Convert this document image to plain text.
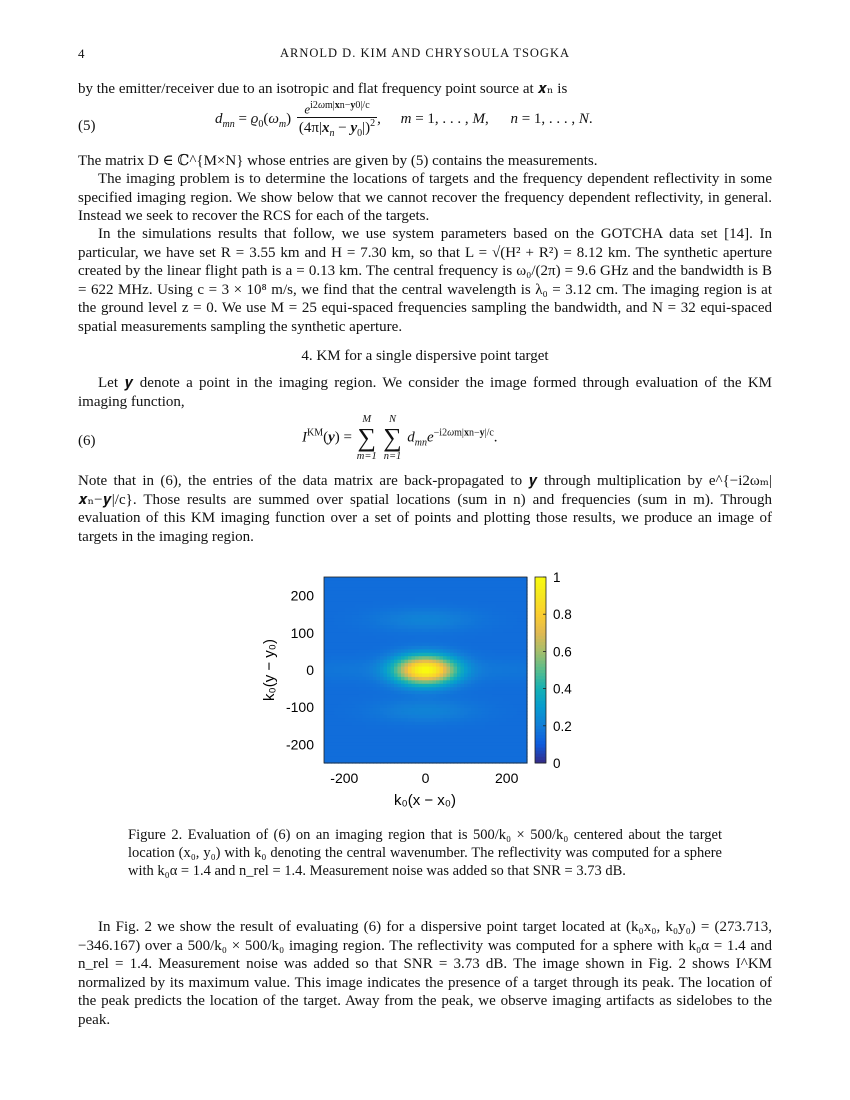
4	ARNOLD D. KIM AND CHRYSOULA TSOGKA
by the emitter/receiver due to an isotropic and flat frequency point source at 𝒙ₙ is
(5)	$d_{mn} = ϱ_0(\omega_m) \frac{e^{i2\omega m|xn-y0|/c}}{(4\pi|x_n - y_0|)^2}$ , m = 1, . . . , M, n = 1, . . . , N.
The matrix D ∈ ℂ^{M×N} whose entries are given by (5) contains the measurements.
The imaging problem is to determine the locations of targets and the frequency dependent reflectivity in some specified imaging region. We show below that we cannot recover the frequency dependent reflectivity, in general. Instead we seek to recover the RCS for each of the targets.
In the simulations results that follow, we use system parameters based on the GOTCHA data set [14]. In particular, we have set R = 3.55 km and H = 7.30 km, so that L = √(H² + R²) = 8.12 km. The synthetic aperture created by the linear flight path is a = 0.13 km. The central frequency is ω₀/(2π) = 9.6 GHz and the bandwidth is B = 622 MHz. Using c = 3 × 10⁸ m/s, we find that the central wavelength is λ₀ = 3.12 cm. The imaging region is at the ground level z = 0. We use M = 25 equi-spaced frequencies sampling the bandwidth, and N = 32 equi-spaced spatial measurements sampling the synthetic aperture.
4. KM for a single dispersive point target
Let 𝒚 denote a point in the imaging region. We consider the image formed through evaluation of the KM imaging function,
(6)	$I^{KM}(y)$ =
M
∑
m=1

N
∑
n=1
$d_{mn}e^{-i2\omega m|xn-y|/c}$.
Note that in (6), the entries of the data matrix are back-propagated to 𝒚 through multiplication by e^{−i2ωₘ|𝒙ₙ−𝒚|/c}. Those results are summed over spatial locations (sum in n) and frequencies (sum in m). Through evaluation of this KM imaging function over a set of points and plotting those results, we produce an image of targets in the imaging region.
1
0.8
0.6
0.4
0.2
0
-200	0	200
200
100
0
-100
-200
k₀(x − x₀)
k₀(y − y₀)
Figure 2. Evaluation of (6) on an imaging region that is 500/k₀ × 500/k₀ centered about the target location (x₀, y₀) with k₀ denoting the central wavenumber. The reflectivity was computed for a sphere with k₀α = 1.4 and n_rel = 1.4. Measurement noise was added so that SNR = 3.73 dB.
In Fig. 2 we show the result of evaluating (6) for a dispersive point target located at (k₀x₀, k₀y₀) = (273.713, −346.167) over a 500/k₀ × 500/k₀ imaging region. The reflectivity was computed for a sphere with k₀α = 1.4 and n_rel = 1.4. Measurement noise was added so that SNR = 3.73 dB. The image shown in Fig. 2 shows I^KM normalized by its maximum value. This image indicates the presence of a target through its peak. The location of the peak predicts the location of the target. Away from the peak, we observe imaging artifacts as sidelobes to the peak.
